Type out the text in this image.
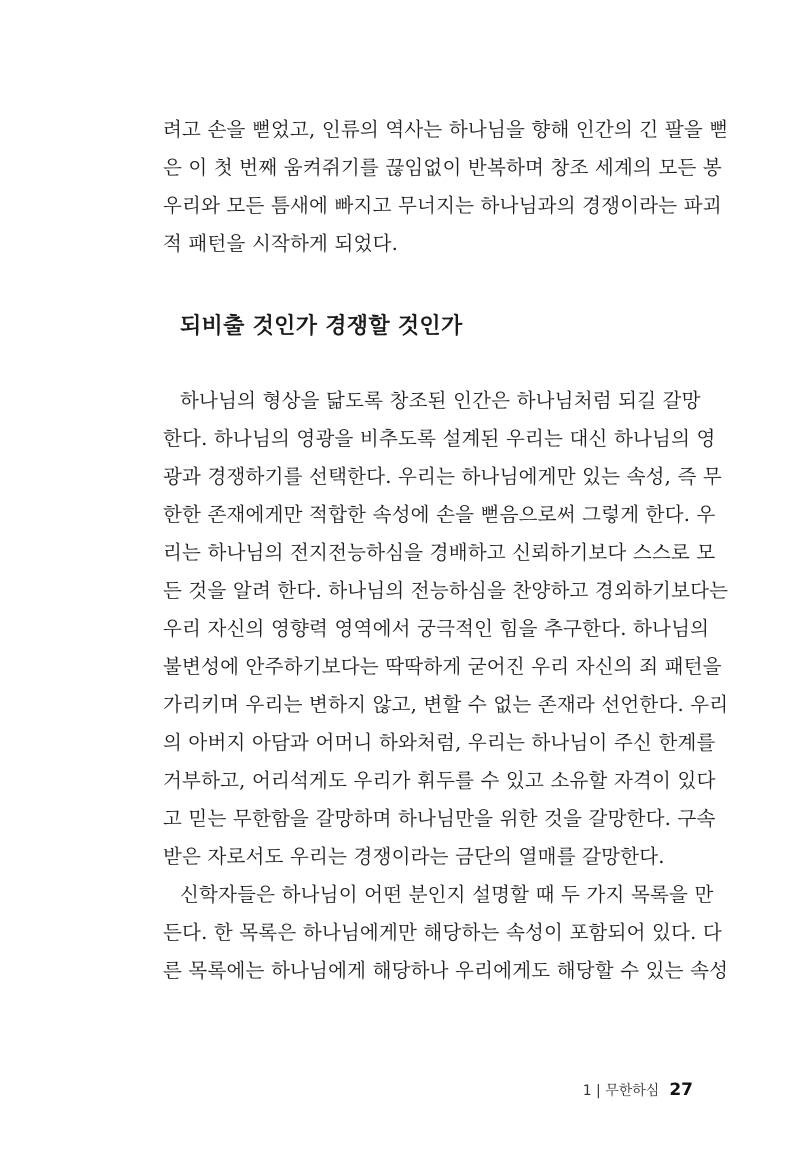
려고 손을 뻗었고, 인류의 역사는 하나님을 향해 인간의 긴 팔을 뻗
은 이 첫 번째 움켜쥐기를 끊임없이 반복하며 창조 세계의 모든 봉
우리와 모든 틈새에 빠지고 무너지는 하나님과의 경쟁이라는 파괴
적 패턴을 시작하게 되었다.
되비출 것인가 경쟁할 것인가
하나님의 형상을 닮도록 창조된 인간은 하나님처럼 되길 갈망
한다. 하나님의 영광을 비추도록 설계된 우리는 대신 하나님의 영
광과 경쟁하기를 선택한다. 우리는 하나님에게만 있는 속성, 즉 무
한한 존재에게만 적합한 속성에 손을 뻗음으로써 그렇게 한다. 우
리는 하나님의 전지전능하심을 경배하고 신뢰하기보다 스스로 모
든 것을 알려 한다. 하나님의 전능하심을 찬양하고 경외하기보다는
우리 자신의 영향력 영역에서 궁극적인 힘을 추구한다. 하나님의
불변성에 안주하기보다는 딱딱하게 굳어진 우리 자신의 죄 패턴을
가리키며 우리는 변하지 않고, 변할 수 없는 존재라 선언한다. 우리
의 아버지 아담과 어머니 하와처럼, 우리는 하나님이 주신 한계를
거부하고, 어리석게도 우리가 휘두를 수 있고 소유할 자격이 있다
고 믿는 무한함을 갈망하며 하나님만을 위한 것을 갈망한다. 구속
받은 자로서도 우리는 경쟁이라는 금단의 열매를 갈망한다.
신학자들은 하나님이 어떤 분인지 설명할 때 두 가지 목록을 만
든다. 한 목록은 하나님에게만 해당하는 속성이 포함되어 있다. 다
른 목록에는 하나님에게 해당하나 우리에게도 해당할 수 있는 속성
1 | 무한하심 27
